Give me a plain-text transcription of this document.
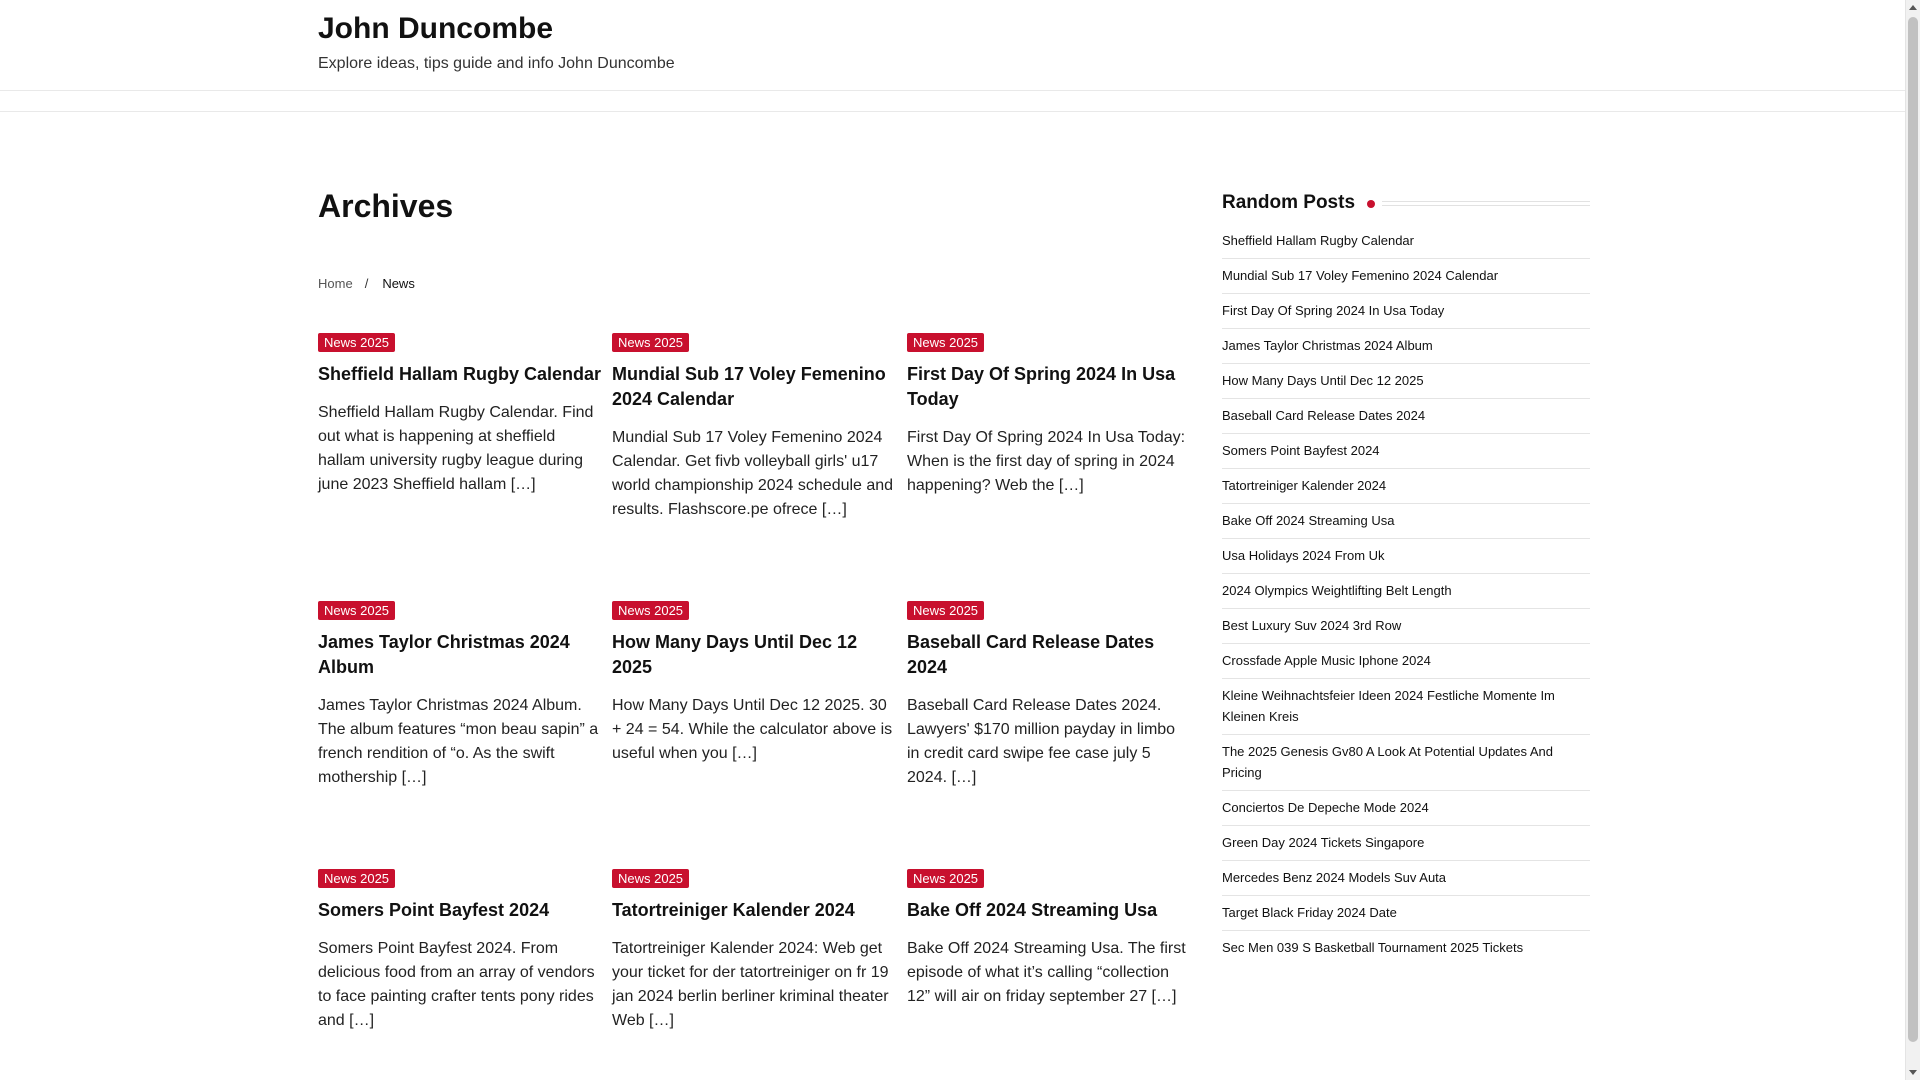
John Duncombe
Explore ideas, tips guide and info John Duncombe
Archives
Home / News
News 2025
Sheffield Hallam Rugby Calendar
Sheffield Hallam Rugby Calendar. Find out what is happening at sheffield hallam university rugby league during june 2023 Sheffield hallam […]
News 2025
Mundial Sub 17 Voley Femenino 2024 Calendar
Mundial Sub 17 Voley Femenino 2024 Calendar. Get fivb volleyball girls' u17 world championship 2024 schedule and results. Flashscore.pe ofrece […]
News 2025
First Day Of Spring 2024 In Usa Today
First Day Of Spring 2024 In Usa Today: When is the first day of spring in 2024 happening? Web the […]
News 2025
James Taylor Christmas 2024 Album
James Taylor Christmas 2024 Album. The album features “mon beau sapin” a french rendition of “o. As the swift mothership […]
News 2025
How Many Days Until Dec 12 2025
How Many Days Until Dec 12 2025. 30 + 24 = 54. While the calculator above is useful when you […]
News 2025
Baseball Card Release Dates 2024
Baseball Card Release Dates 2024. Lawyers' $170 million payday in limbo in credit card swipe fee case july 5 2024. […]
News 2025
Somers Point Bayfest 2024
Somers Point Bayfest 2024. From delicious food from an array of vendors to face painting crafter tents pony rides and […]
News 2025
Tatortreiniger Kalender 2024
Tatortreiniger Kalender 2024: Web get your ticket for der tatortreiniger on fr 19 jan 2024 berlin berliner kriminal theater Web […]
News 2025
Bake Off 2024 Streaming Usa
Bake Off 2024 Streaming Usa. The first episode of what it’s calling “collection 12” will air on friday september 27 […]
Random Posts
Sheffield Hallam Rugby Calendar
Mundial Sub 17 Voley Femenino 2024 Calendar
First Day Of Spring 2024 In Usa Today
James Taylor Christmas 2024 Album
How Many Days Until Dec 12 2025
Baseball Card Release Dates 2024
Somers Point Bayfest 2024
Tatortreiniger Kalender 2024
Bake Off 2024 Streaming Usa
Usa Holidays 2024 From Uk
2024 Olympics Weightlifting Belt Length
Best Luxury Suv 2024 3rd Row
Crossfade Apple Music Iphone 2024
Kleine Weihnachtsfeier Ideen 2024 Festliche Momente Im Kleinen Kreis
The 2025 Genesis Gv80 A Look At Potential Updates And Pricing
Conciertos De Depeche Mode 2024
Green Day 2024 Tickets Singapore
Mercedes Benz 2024 Models Suv Auta
Target Black Friday 2024 Date
Sec Men 039 S Basketball Tournament 2025 Tickets
